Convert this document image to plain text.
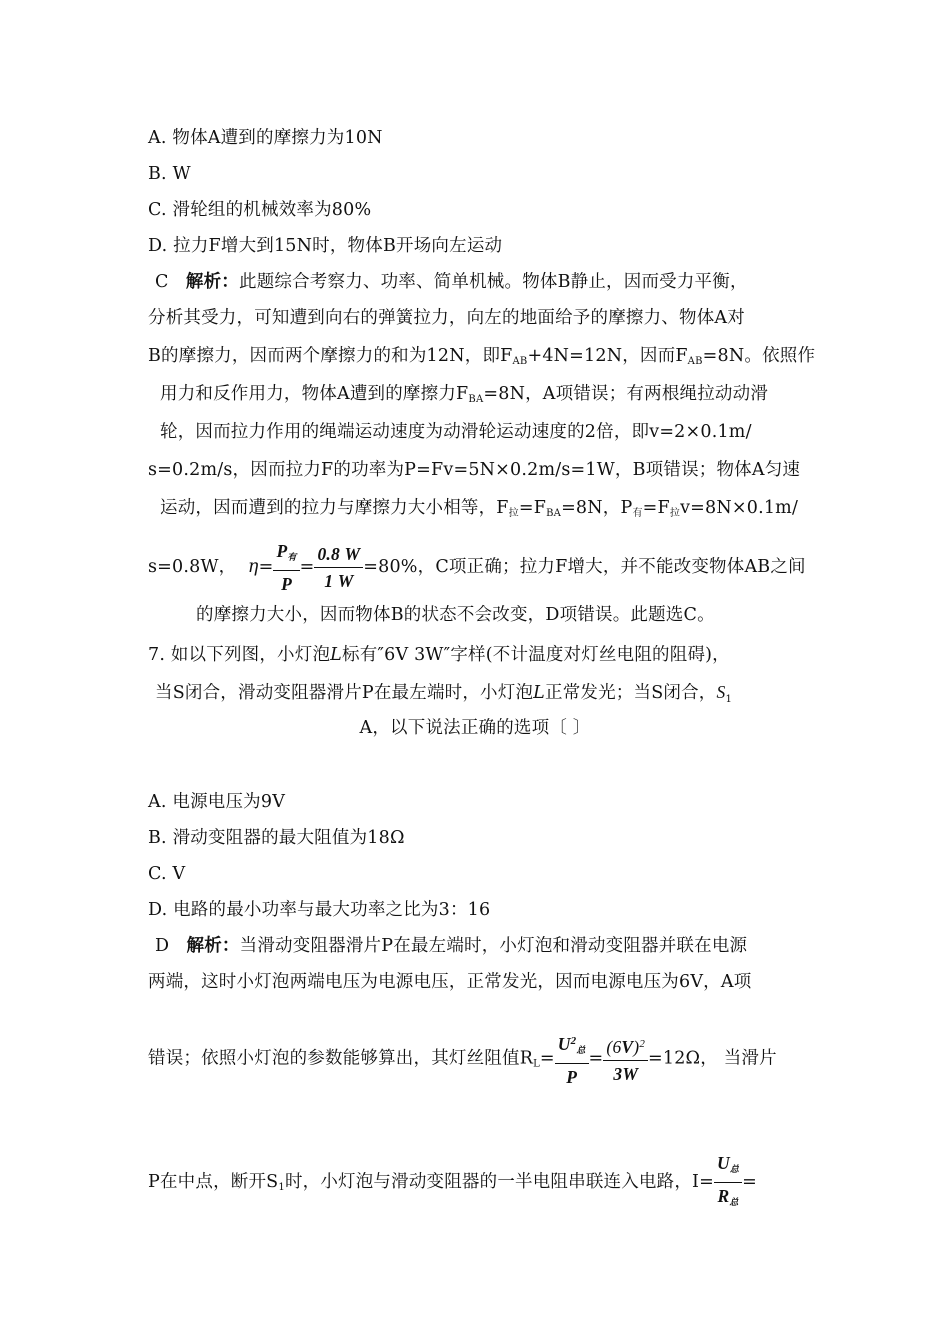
A. 物体A遭到的摩擦力为10N
B. W
C. 滑轮组的机械效率为80%
D. 拉力F增大到15N时，物体B开场向左运动
C 解析：此题综合考察力、功率、简单机械。物体B静止，因而受力平衡，
分析其受力，可知遭到向右的弹簧拉力，向左的地面给予的摩擦力、物体A对
B的摩擦力，因而两个摩擦力的和为12N，即$F_{AB}+4N=12N$，因而$F_{AB}=8N$。依照作
用力和反作用力，物体A遭到的摩擦力$F_{BA}=8N$，A项错误；有两根绳拉动动滑
轮，因而拉力作用的绳端运动速度为动滑轮运动速度的2倍，即v=2×0.1m/
s=0.2m/s，因而拉力F的功率为P=Fv=5N×0.2m/s=1W，B项错误；物体A匀速
运动，因而遭到的拉力与摩擦力大小相等，$F_拉=F_{BA}=8N$，$P_有=F_拉v=8N\times 0.1m/$
s=0.8W， $\eta= \frac{P_有}{P} = \frac{0.8 W}{1 W} =80\%$，C项正确；拉力F增大，并不能改变物体AB之间
的摩擦力大小，因而物体B的状态不会改变，D项错误。此题选C。
7. 如以下列图，小灯泡L标有″6V 3W″字样(不计温度对灯丝电阻的阻碍)，
当S闭合，滑动变阻器滑片P在最左端时，小灯泡L正常发光；当S闭合，$S_1$
A，以下说法正确的选项〔 〕
A. 电源电压为9V
B. 滑动变阻器的最大阻值为18Ω
C. V
D. 电路的最小功率与最大功率之比为3：16
D 解析：当滑动变阻器滑片P在最左端时，小灯泡和滑动变阻器并联在电源
两端，这时小灯泡两端电压为电源电压，正常发光，因而电源电压为6V，A项
错误；依照小灯泡的参数能够算出，其灯丝阻值$R_L= \frac{U^2_总}{P} = \frac{(6V)^2}{3W} =12\Omega$， 当滑片
P在中点，断开$S_1$时，小灯泡与滑动变阻器的一半电阻串联连入电路，$I= \frac{U_总}{R_总}$ =
